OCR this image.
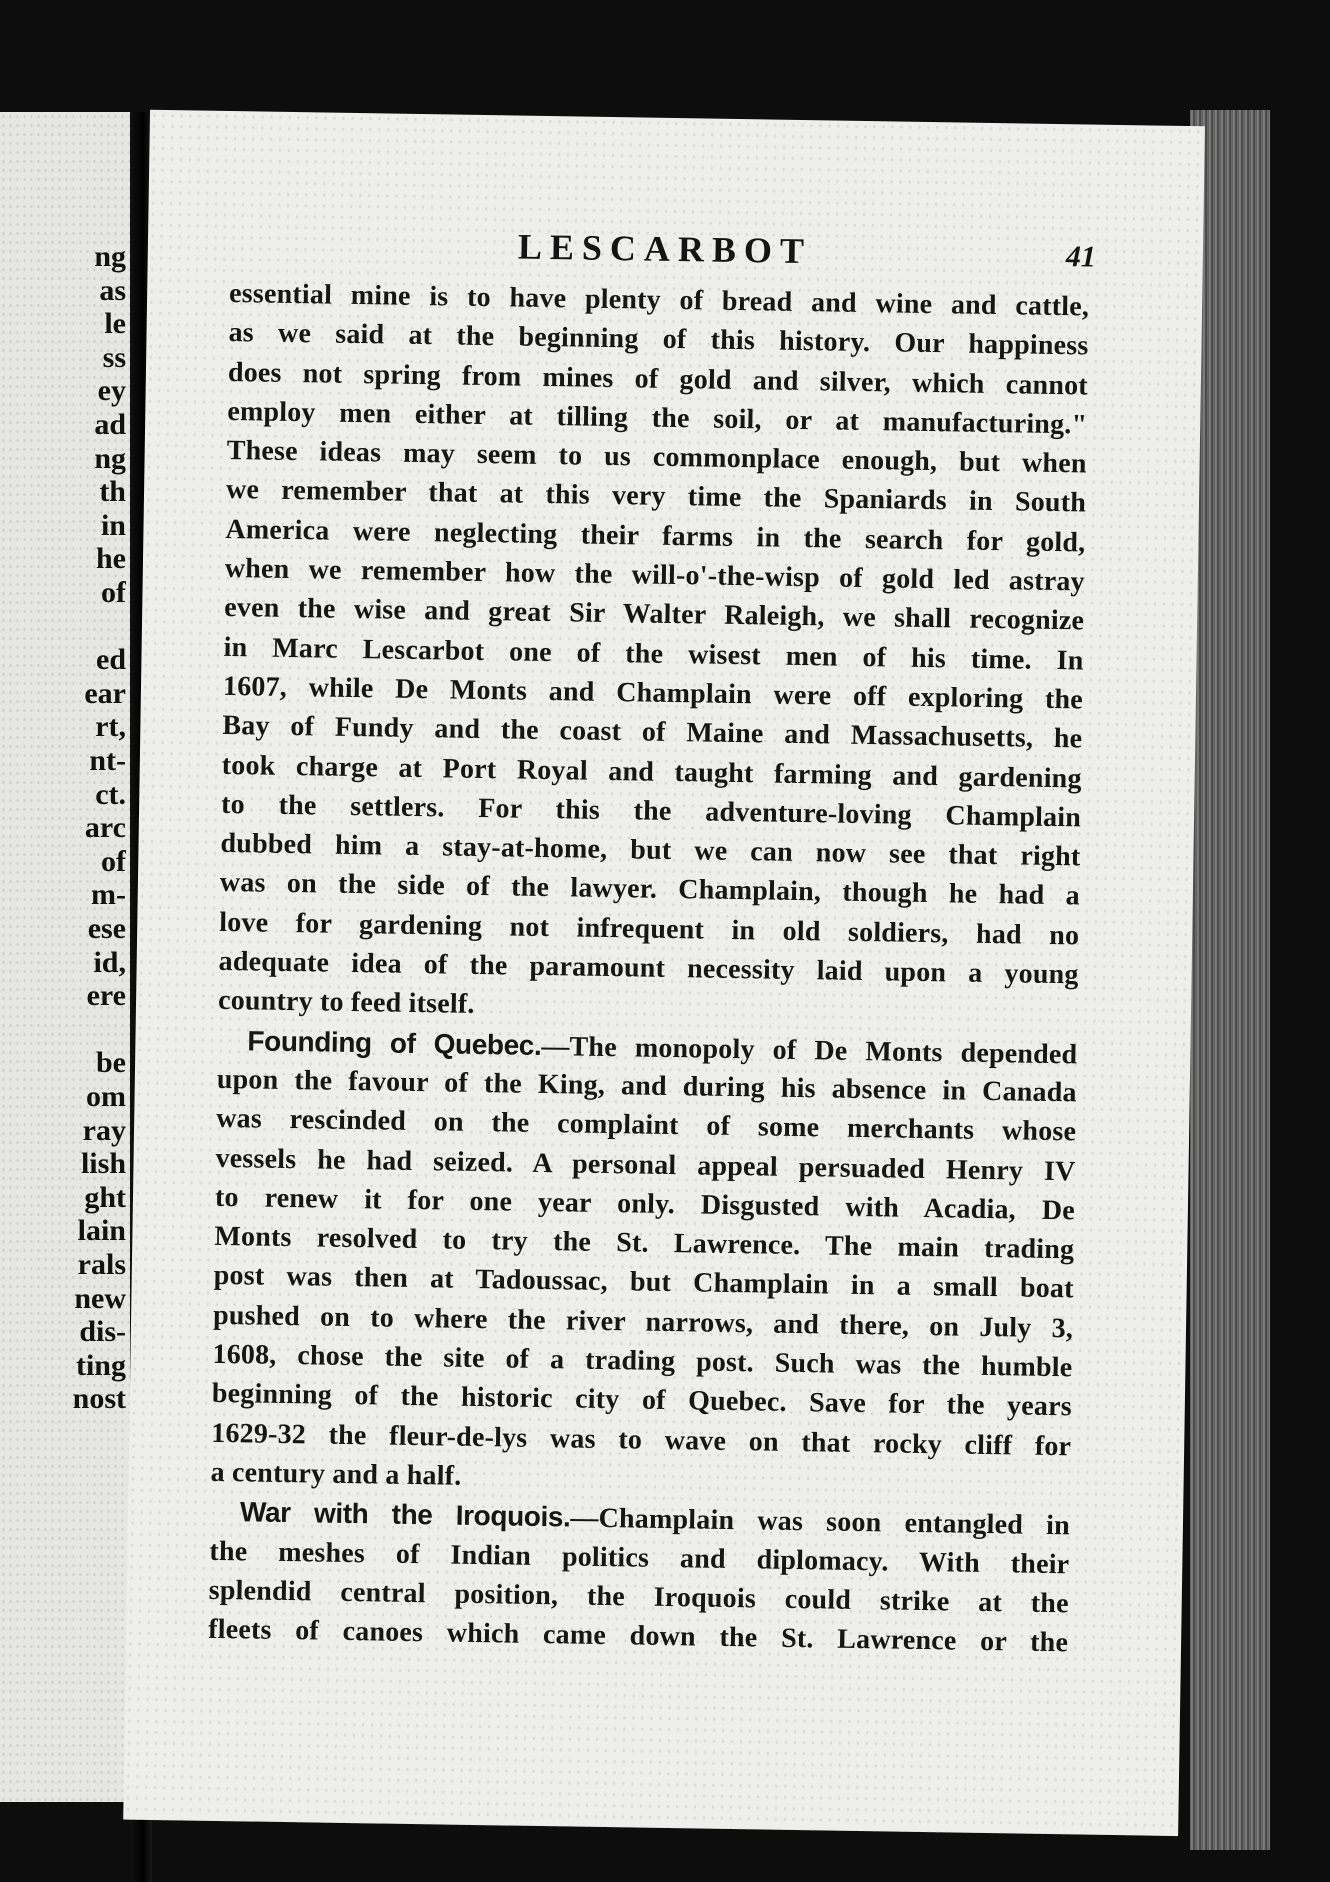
ng
as
le
ss
ey
ad
ng
th
in
he
of
ed
ear
rt,
nt-
ct.
arc
of
m-
ese
id,
ere
be
om
ray
lish
ght
lain
rals
new
dis-
ting
nost
LESCARBOT	41
essential mine is to have plenty of bread and wine and cattle,
as we said at the beginning of this history. Our happiness
does not spring from mines of gold and silver, which cannot
employ men either at tilling the soil, or at manufacturing."
These ideas may seem to us commonplace enough, but when
we remember that at this very time the Spaniards in South
America were neglecting their farms in the search for gold,
when we remember how the will-o'-the-wisp of gold led astray
even the wise and great Sir Walter Raleigh, we shall recognize
in Marc Lescarbot one of the wisest men of his time. In
1607, while De Monts and Champlain were off exploring the
Bay of Fundy and the coast of Maine and Massachusetts, he
took charge at Port Royal and taught farming and gardening
to the settlers. For this the adventure-loving Champlain
dubbed him a stay-at-home, but we can now see that right
was on the side of the lawyer. Champlain, though he had a
love for gardening not infrequent in old soldiers, had no
adequate idea of the paramount necessity laid upon a young
country to feed itself.
Founding of Quebec.—The monopoly of De Monts depended
upon the favour of the King, and during his absence in Canada
was rescinded on the complaint of some merchants whose
vessels he had seized. A personal appeal persuaded Henry IV
to renew it for one year only. Disgusted with Acadia, De
Monts resolved to try the St. Lawrence. The main trading
post was then at Tadoussac, but Champlain in a small boat
pushed on to where the river narrows, and there, on July 3,
1608, chose the site of a trading post. Such was the humble
beginning of the historic city of Quebec. Save for the years
1629-32 the fleur-de-lys was to wave on that rocky cliff for
a century and a half.
War with the Iroquois.—Champlain was soon entangled in
the meshes of Indian politics and diplomacy. With their
splendid central position, the Iroquois could strike at the
fleets of canoes which came down the St. Lawrence or the
